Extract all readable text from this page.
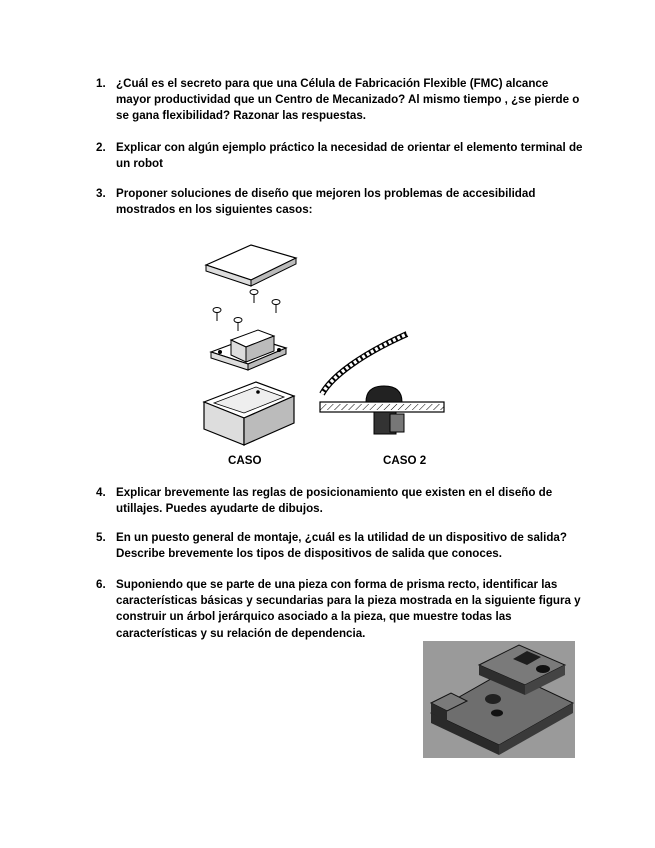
1. ¿Cuál es el secreto para que una Célula de Fabricación Flexible (FMC) alcance mayor productividad que un Centro de Mecanizado? Al mismo tiempo , ¿se pierde o se gana flexibilidad? Razonar las respuestas.
2. Explicar con algún ejemplo práctico la necesidad de orientar el elemento terminal de un robot
3. Proponer soluciones de diseño que mejoren los problemas de accesibilidad mostrados en los siguientes casos:
CASO	CASO 2
4. Explicar brevemente las reglas de posicionamiento que existen en el diseño de utillajes. Puedes ayudarte de dibujos.
5. En un puesto general de montaje, ¿cuál es la utilidad de un dispositivo de salida? Describe brevemente los tipos de dispositivos de salida que conoces.
6. Suponiendo que se parte de una pieza con forma de prisma recto, identificar las características básicas y secundarias para la pieza mostrada en la siguiente figura y construir un árbol jerárquico asociado a la pieza, que muestre todas las características y su relación de dependencia.
